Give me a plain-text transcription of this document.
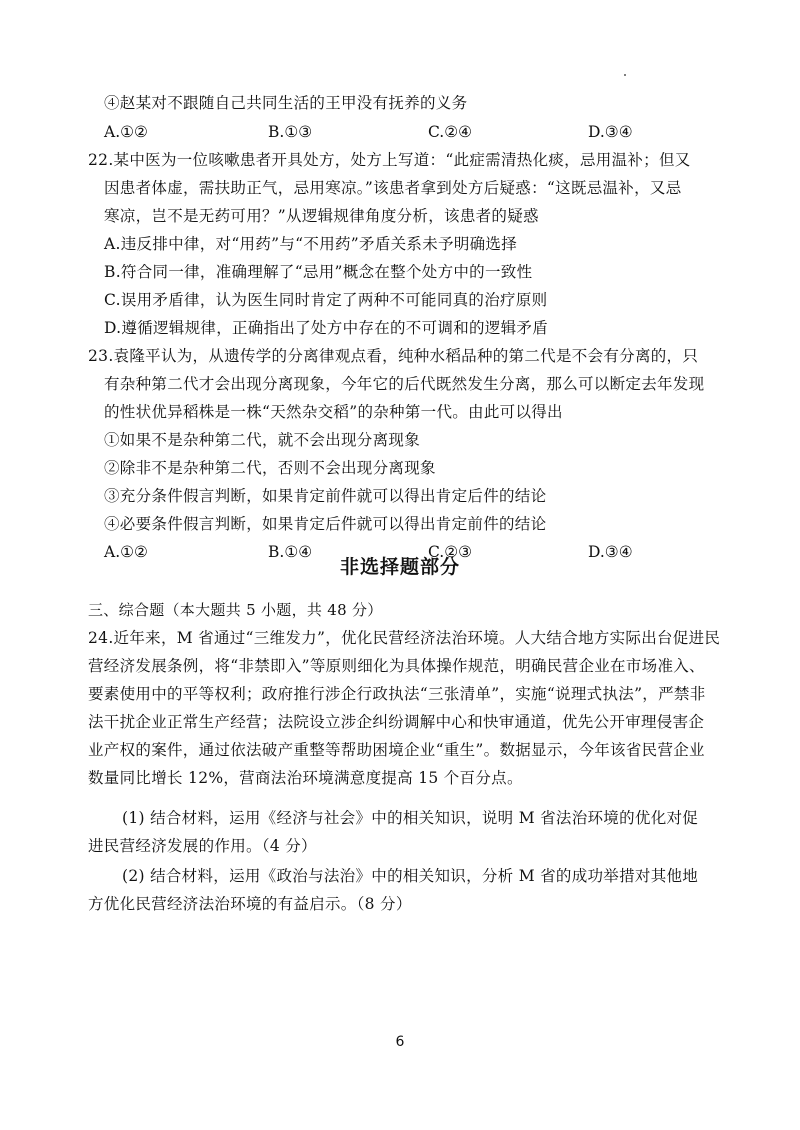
④赵某对不跟随自己共同生活的王甲没有抚养的义务
A.①②	B.①③	C.②④	D.③④
22.某中医为一位咳嗽患者开具处方，处方上写道：“此症需清热化痰，忌用温补；但又
因患者体虚，需扶助正气，忌用寒凉。”该患者拿到处方后疑惑：“这既忌温补，又忌
寒凉，岂不是无药可用？”从逻辑规律角度分析，该患者的疑惑
A.违反排中律，对“用药”与“不用药”矛盾关系未予明确选择
B.符合同一律，准确理解了“忌用”概念在整个处方中的一致性
C.误用矛盾律，认为医生同时肯定了两种不可能同真的治疗原则
D.遵循逻辑规律，正确指出了处方中存在的不可调和的逻辑矛盾
23.袁隆平认为，从遗传学的分离律观点看，纯种水稻品种的第二代是不会有分离的，只
有杂种第二代才会出现分离现象，今年它的后代既然发生分离，那么可以断定去年发现
的性状优异稻株是一株“天然杂交稻”的杂种第一代。由此可以得出
①如果不是杂种第二代，就不会出现分离现象
②除非不是杂种第二代，否则不会出现分离现象
③充分条件假言判断，如果肯定前件就可以得出肯定后件的结论
④必要条件假言判断，如果肯定后件就可以得出肯定前件的结论
A.①②	B.①④	C.②③	D.③④
非选择题部分
三、综合题（本大题共 5 小题，共 48 分）
24.近年来，M 省通过“三维发力”，优化民营经济法治环境。人大结合地方实际出台促进民
营经济发展条例，将“非禁即入”等原则细化为具体操作规范，明确民营企业在市场准入、
要素使用中的平等权利；政府推行涉企行政执法“三张清单”，实施“说理式执法”，严禁非
法干扰企业正常生产经营；法院设立涉企纠纷调解中心和快审通道，优先公开审理侵害企
业产权的案件，通过依法破产重整等帮助困境企业“重生”。数据显示，今年该省民营企业
数量同比增长 12%，营商法治环境满意度提高 15 个百分点。
(1) 结合材料，运用《经济与社会》中的相关知识，说明 M 省法治环境的优化对促
进民营经济发展的作用。（4 分）
(2) 结合材料，运用《政治与法治》中的相关知识，分析 M 省的成功举措对其他地
方优化民营经济法治环境的有益启示。（8 分）
6
